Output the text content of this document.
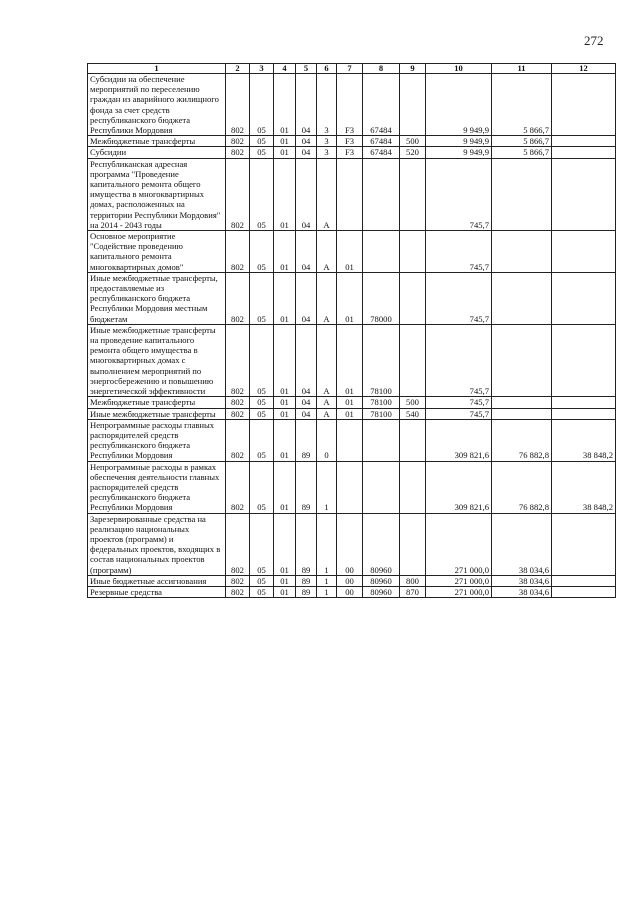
272
1	2	3	4	5	6	7	8	9	10	11	12
Субсидии на обеспечение мероприятий по переселению граждан из аварийного жилищного фонда за счет средств республиканского бюджета Республики Мордовия	802	05	01	04	3	F3	67484		9 949,9	5 866,7	
Межбюджетные трансферты	802	05	01	04	3	F3	67484	500	9 949,9	5 866,7	
Субсидии	802	05	01	04	3	F3	67484	520	9 949,9	5 866,7	
Республиканская адресная программа "Проведение капитального ремонта общего имущества в многоквартирных домах, расположенных на территории Республики Мордовия" на 2014 - 2043 годы	802	05	01	04	А				745,7		
Основное мероприятие "Содействие проведению капитального ремонта многоквартирных домов"	802	05	01	04	А	01			745,7		
Иные межбюджетные трансферты, предоставляемые из республиканского бюджета Республики Мордовия местным бюджетам	802	05	01	04	А	01	78000		745,7		
Иные межбюджетные трансферты на проведение капитального ремонта общего имущества в многоквартирных домах с выполнением мероприятий по энергосбережению и повышению энергетической эффективности	802	05	01	04	А	01	78100		745,7		
Межбюджетные трансферты	802	05	01	04	А	01	78100	500	745,7		
Иные межбюджетные трансферты	802	05	01	04	А	01	78100	540	745,7		
Непрограммные расходы главных распорядителей средств республиканского бюджета Республики Мордовия	802	05	01	89	0				309 821,6	76 882,8	38 848,2
Непрограммные расходы в рамках обеспечения деятельности главных распорядителей средств республиканского бюджета Республики Мордовия	802	05	01	89	1				309 821,6	76 882,8	38 848,2
Зарезервированные средства на реализацию национальных проектов (программ) и федеральных проектов, входящих в состав национальных проектов (программ)	802	05	01	89	1	00	80960		271 000,0	38 034,6	
Иные бюджетные ассигнования	802	05	01	89	1	00	80960	800	271 000,0	38 034,6	
Резервные средства	802	05	01	89	1	00	80960	870	271 000,0	38 034,6	
